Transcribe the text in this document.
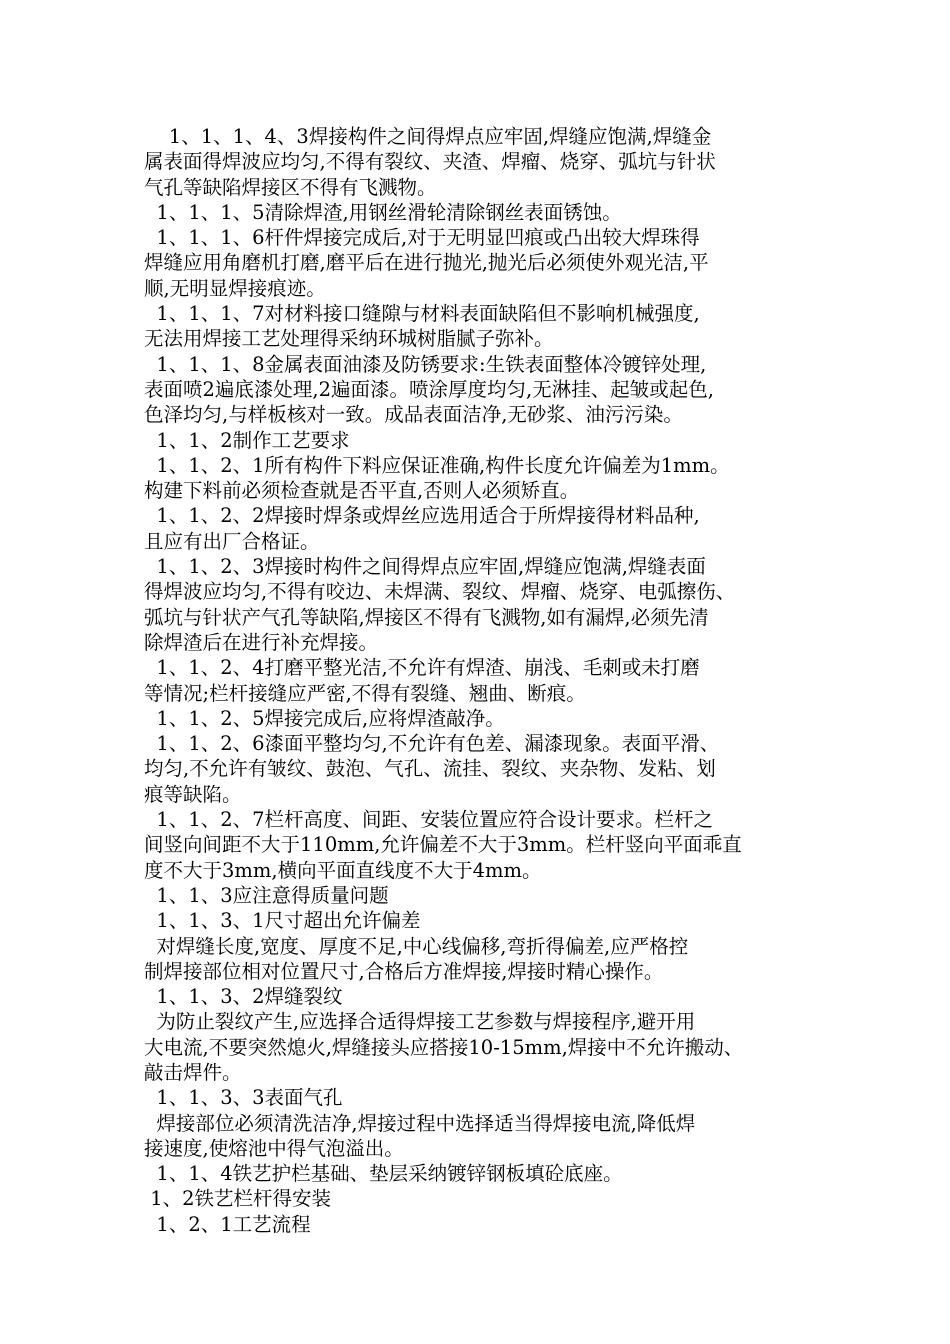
1、1、1、4、3焊接构件之间得焊点应牢固,焊缝应饱满,焊缝金
属表面得焊波应均匀,不得有裂纹、夹渣、焊瘤、烧穿、弧坑与针状
气孔等缺陷焊接区不得有飞溅物。

1、1、1、5清除焊渣,用钢丝滑轮清除钢丝表面锈蚀。

1、1、1、6杆件焊接完成后,对于无明显凹痕或凸出较大焊珠得
焊缝应用角磨机打磨,磨平后在进行抛光,抛光后必须使外观光洁,平
顺,无明显焊接痕迹。

1、1、1、7对材料接口缝隙与材料表面缺陷但不影响机械强度,
无法用焊接工艺处理得采纳环城树脂腻子弥补。

1、1、1、8金属表面油漆及防锈要求:生铁表面整体冷镀锌处理,
表面喷2遍底漆处理,2遍面漆。喷涂厚度均匀,无淋挂、起皱或起色,
色泽均匀,与样板核对一致。成品表面洁净,无砂浆、油污污染。

1、1、2制作工艺要求

1、1、2、1所有构件下料应保证准确,构件长度允许偏差为1mm。
构建下料前必须检查就是否平直,否则人必须矫直。

1、1、2、2焊接时焊条或焊丝应选用适合于所焊接得材料品种,
且应有出厂合格证。

1、1、2、3焊接时构件之间得焊点应牢固,焊缝应饱满,焊缝表面
得焊波应均匀,不得有咬边、未焊满、裂纹、焊瘤、烧穿、电弧擦伤、
弧坑与针状产气孔等缺陷,焊接区不得有飞溅物,如有漏焊,必须先清
除焊渣后在进行补充焊接。

1、1、2、4打磨平整光洁,不允许有焊渣、崩浅、毛刺或未打磨
等情况;栏杆接缝应严密,不得有裂缝、翘曲、断痕。

1、1、2、5焊接完成后,应将焊渣敲净。

1、1、2、6漆面平整均匀,不允许有色差、漏漆现象。表面平滑、
均匀,不允许有皱纹、鼓泡、气孔、流挂、裂纹、夹杂物、发粘、划
痕等缺陷。

1、1、2、7栏杆高度、间距、安装位置应符合设计要求。栏杆之
间竖向间距不大于110mm,允许偏差不大于3mm。栏杆竖向平面乖直
度不大于3mm,横向平面直线度不大于4mm。

1、1、3应注意得质量问题

1、1、3、1尺寸超出允许偏差

对焊缝长度,宽度、厚度不足,中心线偏移,弯折得偏差,应严格控
制焊接部位相对位置尺寸,合格后方准焊接,焊接时精心操作。

1、1、3、2焊缝裂纹

为防止裂纹产生,应选择合适得焊接工艺参数与焊接程序,避开用
大电流,不要突然熄火,焊缝接头应搭接10-15mm,焊接中不允许搬动、
敲击焊件。

1、1、3、3表面气孔

焊接部位必须清洗洁净,焊接过程中选择适当得焊接电流,降低焊
接速度,使熔池中得气泡溢出。

1、1、4铁艺护栏基础、垫层采纳镀锌钢板填砼底座。

1、2铁艺栏杆得安装

1、2、1工艺流程
